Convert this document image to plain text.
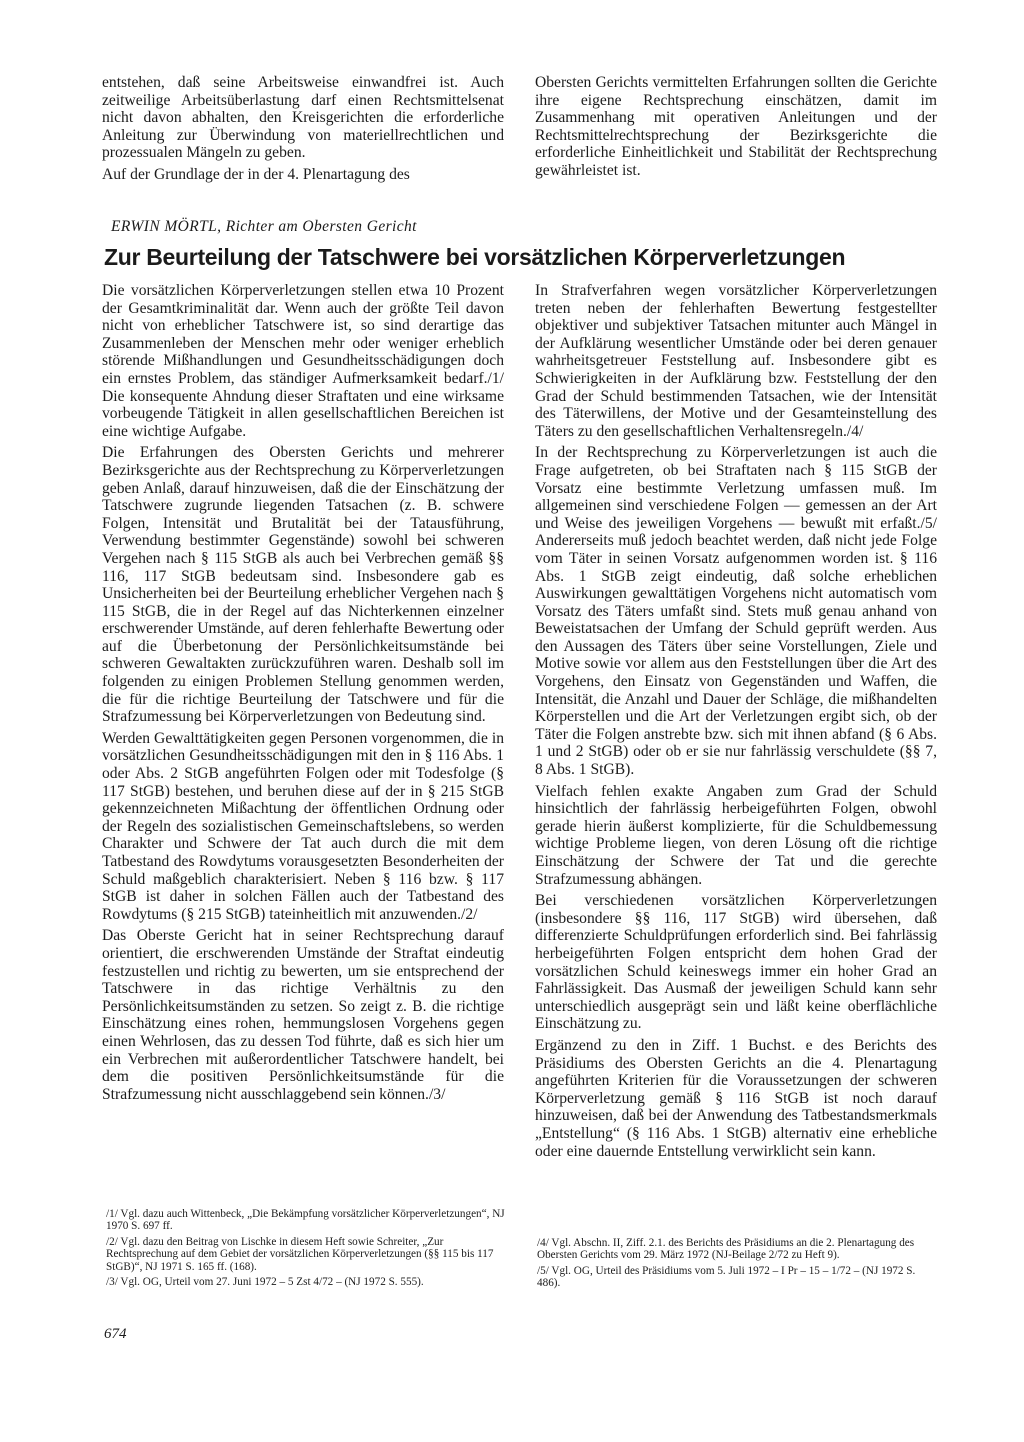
entstehen, daß seine Arbeitsweise einwandfrei ist. Auch zeitweilige Arbeitsüberlastung darf einen Rechtsmittelsenat nicht davon abhalten, den Kreisgerichten die erforderliche Anleitung zur Überwindung von materiellrechtlichen und prozessualen Mängeln zu geben.

Auf der Grundlage der in der 4. Plenartagung des

Obersten Gerichts vermittelten Erfahrungen sollten die Gerichte ihre eigene Rechtsprechung einschätzen, damit im Zusammenhang mit operativen Anleitungen und der Rechtsmittelrechtsprechung der Bezirksgerichte die erforderliche Einheitlichkeit und Stabilität der Rechtsprechung gewährleistet ist.

ERWIN MÖRTL, Richter am Obersten Gericht
Zur Beurteilung der Tatschwere bei vorsätzlichen Körperverletzungen

Die vorsätzlichen Körperverletzungen stellen etwa 10 Prozent der Gesamtkriminalität dar. Wenn auch der größte Teil davon nicht von erheblicher Tatschwere ist, so sind derartige das Zusammenleben der Menschen mehr oder weniger erheblich störende Mißhandlungen und Gesundheitsschädigungen doch ein ernstes Problem, das ständiger Aufmerksamkeit bedarf./1/ Die konsequente Ahndung dieser Straftaten und eine wirksame vorbeugende Tätigkeit in allen gesellschaftlichen Bereichen ist eine wichtige Aufgabe.

Die Erfahrungen des Obersten Gerichts und mehrerer Bezirksgerichte aus der Rechtsprechung zu Körperverletzungen geben Anlaß, darauf hinzuweisen, daß die der Einschätzung der Tatschwere zugrunde liegenden Tatsachen (z. B. schwere Folgen, Intensität und Brutalität bei der Tatausführung, Verwendung bestimmter Gegenstände) sowohl bei schweren Vergehen nach § 115 StGB als auch bei Verbrechen gemäß §§ 116, 117 StGB bedeutsam sind. Insbesondere gab es Unsicherheiten bei der Beurteilung erheblicher Vergehen nach § 115 StGB, die in der Regel auf das Nichterkennen einzelner erschwerender Umstände, auf deren fehlerhafte Bewertung oder auf die Überbetonung der Persönlichkeitsumstände bei schweren Gewaltakten zurückzuführen waren. Deshalb soll im folgenden zu einigen Problemen Stellung genommen werden, die für die richtige Beurteilung der Tatschwere und für die Strafzumessung bei Körperverletzungen von Bedeutung sind.

Werden Gewalttätigkeiten gegen Personen vorgenommen, die in vorsätzlichen Gesundheitsschädigungen mit den in § 116 Abs. 1 oder Abs. 2 StGB angeführten Folgen oder mit Todesfolge (§ 117 StGB) bestehen, und beruhen diese auf der in § 215 StGB gekennzeichneten Mißachtung der öffentlichen Ordnung oder der Regeln des sozialistischen Gemeinschaftslebens, so werden Charakter und Schwere der Tat auch durch die mit dem Tatbestand des Rowdytums vorausgesetzten Besonderheiten der Schuld maßgeblich charakterisiert. Neben § 116 bzw. § 117 StGB ist daher in solchen Fällen auch der Tatbestand des Rowdytums (§ 215 StGB) tateinheitlich mit anzuwenden./2/

Das Oberste Gericht hat in seiner Rechtsprechung darauf orientiert, die erschwerenden Umstände der Straftat eindeutig festzustellen und richtig zu bewerten, um sie entsprechend der Tatschwere in das richtige Verhältnis zu den Persönlichkeitsumständen zu setzen. So zeigt z. B. die richtige Einschätzung eines rohen, hemmungslosen Vorgehens gegen einen Wehrlosen, das zu dessen Tod führte, daß es sich hier um ein Verbrechen mit außerordentlicher Tatschwere handelt, bei dem die positiven Persönlichkeitsumstände für die Strafzumessung nicht ausschlaggebend sein können./3/

In Strafverfahren wegen vorsätzlicher Körperverletzungen treten neben der fehlerhaften Bewertung festgestellter objektiver und subjektiver Tatsachen mitunter auch Mängel in der Aufklärung wesentlicher Umstände oder bei deren genauer wahrheitsgetreuer Feststellung auf. Insbesondere gibt es Schwierigkeiten in der Aufklärung bzw. Feststellung der den Grad der Schuld bestimmenden Tatsachen, wie der Intensität des Täterwillens, der Motive und der Gesamteinstellung des Täters zu den gesellschaftlichen Verhaltensregeln./4/

In der Rechtsprechung zu Körperverletzungen ist auch die Frage aufgetreten, ob bei Straftaten nach § 115 StGB der Vorsatz eine bestimmte Verletzung umfassen muß. Im allgemeinen sind verschiedene Folgen — gemessen an der Art und Weise des jeweiligen Vorgehens — bewußt mit erfaßt./5/ Andererseits muß jedoch beachtet werden, daß nicht jede Folge vom Täter in seinen Vorsatz aufgenommen worden ist. § 116 Abs. 1 StGB zeigt eindeutig, daß solche erheblichen Auswirkungen gewalttätigen Vorgehens nicht automatisch vom Vorsatz des Täters umfaßt sind. Stets muß genau anhand von Beweistatsachen der Umfang der Schuld geprüft werden. Aus den Aussagen des Täters über seine Vorstellungen, Ziele und Motive sowie vor allem aus den Feststellungen über die Art des Vorgehens, den Einsatz von Gegenständen und Waffen, die Intensität, die Anzahl und Dauer der Schläge, die mißhandelten Körperstellen und die Art der Verletzungen ergibt sich, ob der Täter die Folgen anstrebte bzw. sich mit ihnen abfand (§ 6 Abs. 1 und 2 StGB) oder ob er sie nur fahrlässig verschuldete (§§ 7, 8 Abs. 1 StGB).

Vielfach fehlen exakte Angaben zum Grad der Schuld hinsichtlich der fahrlässig herbeigeführten Folgen, obwohl gerade hierin äußerst komplizierte, für die Schuldbemessung wichtige Probleme liegen, von deren Lösung oft die richtige Einschätzung der Schwere der Tat und die gerechte Strafzumessung abhängen.

Bei verschiedenen vorsätzlichen Körperverletzungen (insbesondere §§ 116, 117 StGB) wird übersehen, daß differenzierte Schuldprüfungen erforderlich sind. Bei fahrlässig herbeigeführten Folgen entspricht dem hohen Grad der vorsätzlichen Schuld keineswegs immer ein hoher Grad an Fahrlässigkeit. Das Ausmaß der jeweiligen Schuld kann sehr unterschiedlich ausgeprägt sein und läßt keine oberflächliche Einschätzung zu.

Ergänzend zu den in Ziff. 1 Buchst. e des Berichts des Präsidiums des Obersten Gerichts an die 4. Plenartagung angeführten Kriterien für die Voraussetzungen der schweren Körperverletzung gemäß § 116 StGB ist noch darauf hinzuweisen, daß bei der Anwendung des Tatbestandsmerkmals „Entstellung“ (§ 116 Abs. 1 StGB) alternativ eine erhebliche oder eine dauernde Entstellung verwirklicht sein kann.

/1/ Vgl. dazu auch Wittenbeck, „Die Bekämpfung vorsätzlicher Körperverletzungen“, NJ 1970 S. 697 ff.

/2/ Vgl. dazu den Beitrag von Lischke in diesem Heft sowie Schreiter, „Zur Rechtsprechung auf dem Gebiet der vorsätzlichen Körperverletzungen (§§ 115 bis 117 StGB)“, NJ 1971 S. 165 ff. (168).

/3/ Vgl. OG, Urteil vom 27. Juni 1972 – 5 Zst 4/72 – (NJ 1972 S. 555).

/4/ Vgl. Abschn. II, Ziff. 2.1. des Berichts des Präsidiums an die 2. Plenartagung des Obersten Gerichts vom 29. März 1972 (NJ-Beilage 2/72 zu Heft 9).

/5/ Vgl. OG, Urteil des Präsidiums vom 5. Juli 1972 – I Pr – 15 – 1/72 – (NJ 1972 S. 486).

674
